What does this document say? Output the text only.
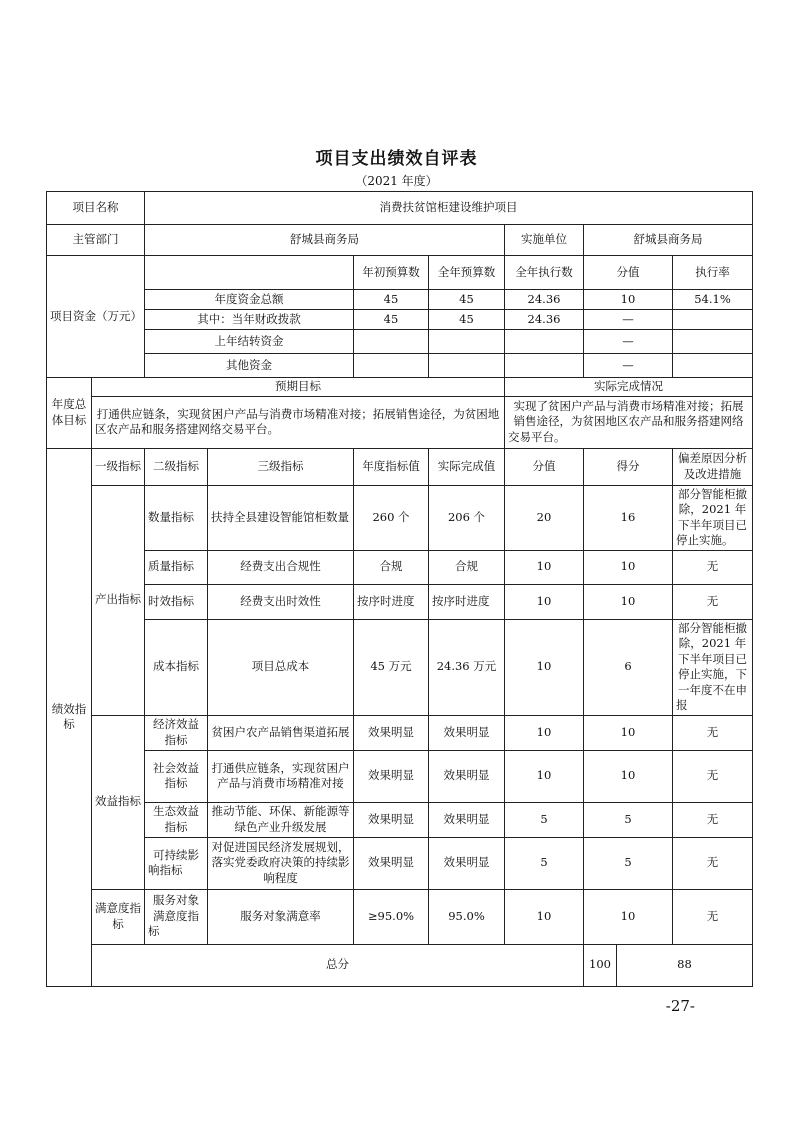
项目支出绩效自评表
（2021 年度）
项目名称		消费扶贫馆柜建设维护项目								
主管部门		舒城县商务局				实施单位	舒城县商务局			
项目资金（万元）				年初预算数	全年预算数	全年执行数	分值		执行率	
		年度资金总额		45	45	24.36	10		54.1%	
		其中：当年财政拨款		45	45	24.36	—		
		上年结转资金					—		
		其他资金					—		
年度总体目标	预期目标					实际完成情况				
	打通供应链条，实现贫困户产品与消费市场精准对接；拓展销售途径，为贫困地区农产品和服务搭建网络交易平台。					实现了贫困户产品与消费市场精准对接；拓展销售途径，为贫困地区农产品和服务搭建网络交易平台。				
绩效指标	一级指标	二级指标	三级指标	年度指标值	实际完成值	分值	得分		偏差原因分析及改进措施	
	产出指标	数量指标	扶持全县建设智能馆柜数量	260 个	206 个	20	16		部分智能柜撤除，2021 年下半年项目已停止实施。	
		质量指标	经费支出合规性	合规	合规	10	10		无	
		时效指标	经费支出时效性	按序时进度	按序时进度	10	10		无	
		成本指标	项目总成本	45 万元	24.36 万元	10	6		部分智能柜撤除，2021 年下半年项目已停止实施，下一年度不在申报	
	效益指标	经济效益指标	贫困户农产品销售渠道拓展	效果明显	效果明显	10	10		无	
		社会效益指标	打通供应链条，实现贫困户产品与消费市场精准对接	效果明显	效果明显	10	10		无	
		生态效益指标	推动节能、环保、新能源等绿色产业升级发展	效果明显	效果明显	5	5		无	
		可持续影响指标	对促进国民经济发展规划，落实党委政府决策的持续影响程度	效果明显	效果明显	5	5		无	
	满意度指标	服务对象满意度指标	服务对象满意率	≥95.0%	95.0%	10	10		无	
	总分						100	88		
-27-
